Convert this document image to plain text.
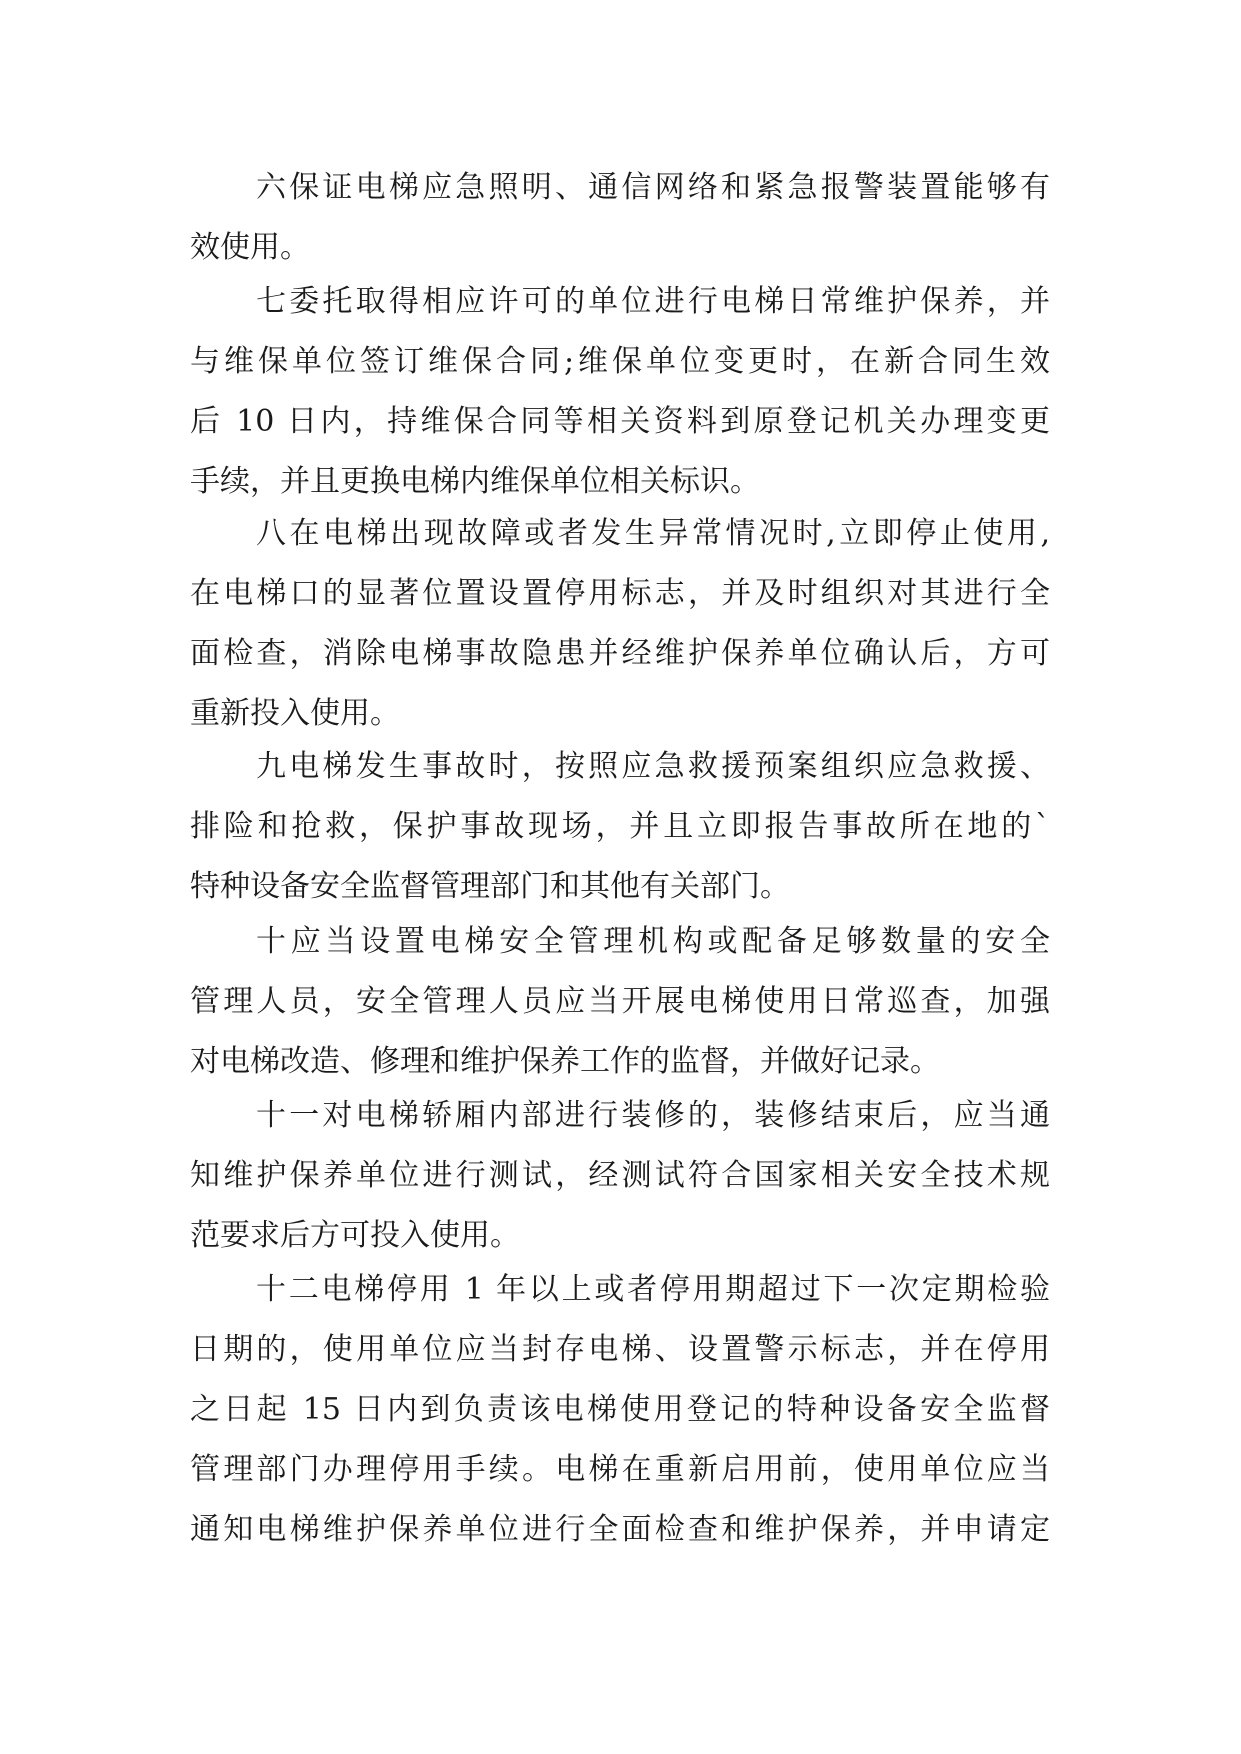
六保证电梯应急照明、通信网络和紧急报警装置能够有
效使用。
七委托取得相应许可的单位进行电梯日常维护保养，并
与维保单位签订维保合同;维保单位变更时，在新合同生效
后 10 日内，持维保合同等相关资料到原登记机关办理变更
手续，并且更换电梯内维保单位相关标识。
八在电梯出现故障或者发生异常情况时,立即停止使用,
在电梯口的显著位置设置停用标志，并及时组织对其进行全
面检查，消除电梯事故隐患并经维护保养单位确认后，方可
重新投入使用。
九电梯发生事故时，按照应急救援预案组织应急救援、
排险和抢救，保护事故现场，并且立即报告事故所在地的`
特种设备安全监督管理部门和其他有关部门。
十应当设置电梯安全管理机构或配备足够数量的安全
管理人员，安全管理人员应当开展电梯使用日常巡查，加强
对电梯改造、修理和维护保养工作的监督，并做好记录。
十一对电梯轿厢内部进行装修的，装修结束后，应当通
知维护保养单位进行测试，经测试符合国家相关安全技术规
范要求后方可投入使用。
十二电梯停用 1 年以上或者停用期超过下一次定期检验
日期的，使用单位应当封存电梯、设置警示标志，并在停用
之日起 15 日内到负责该电梯使用登记的特种设备安全监督
管理部门办理停用手续。电梯在重新启用前，使用单位应当
通知电梯维护保养单位进行全面检查和维护保养，并申请定
